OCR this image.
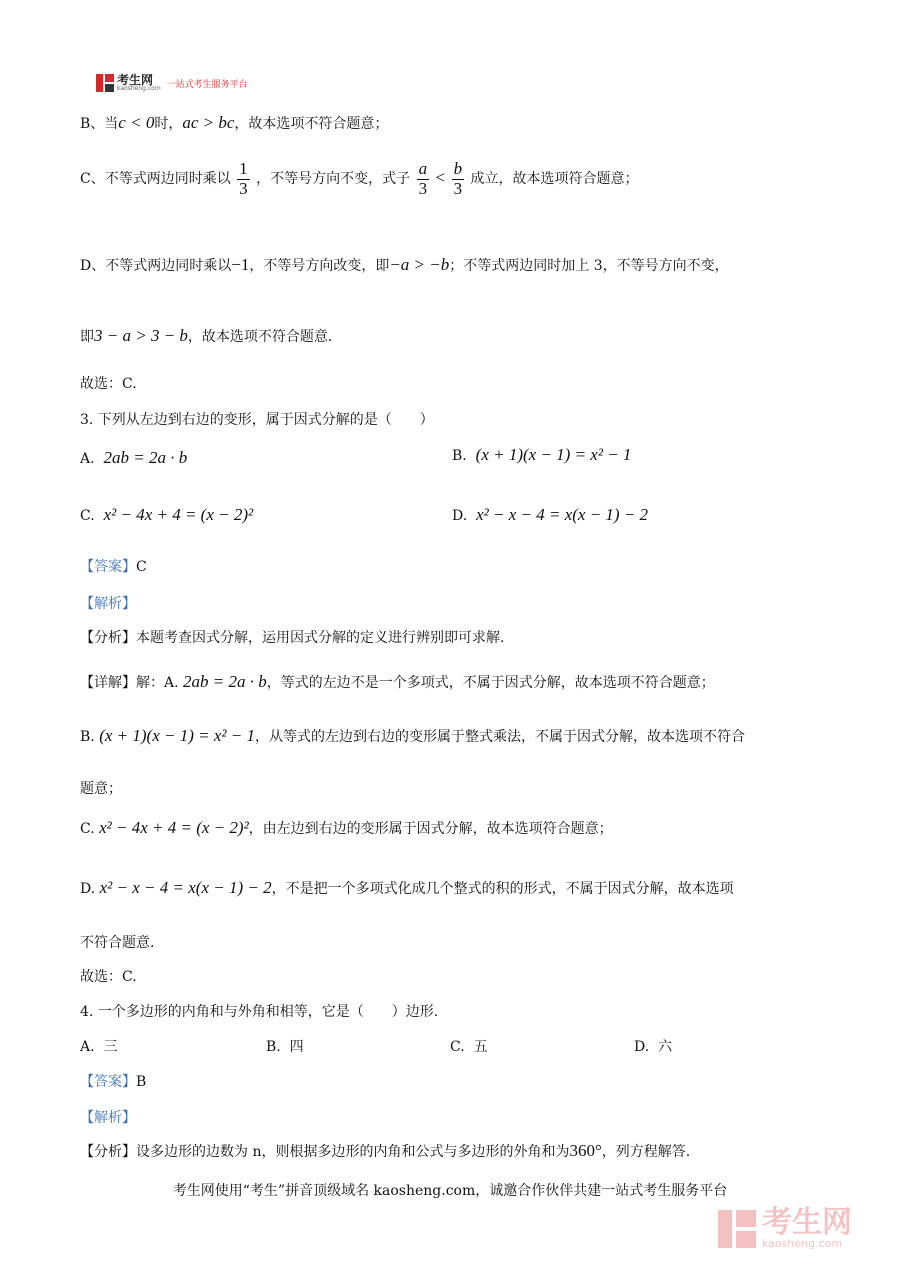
考生网
kaosheng.com 一站式考生服务平台
B、当c < 0时，ac > bc，故本选项不符合题意；
C、不等式两边同时乘以 $\frac{1}{3}$ ，不等号方向不变，式子 $\frac{a}{3} < \frac{b}{3}$ 成立，故本选项符合题意；
D、不等式两边同时乘以−1，不等号方向改变，即−a > −b；不等式两边同时加上 3，不等号方向不变，
即3 − a > 3 − b，故本选项不符合题意.
故选：C.
3. 下列从左边到右边的变形，属于因式分解的是（　　）
A. 2ab = 2a · b	B. (x + 1)(x − 1) = x² − 1
C. x² − 4x + 4 = (x − 2)²	D. x² − x − 4 = x(x − 1) − 2
【答案】C
【解析】
【分析】本题考查因式分解，运用因式分解的定义进行辨别即可求解.
【详解】解：A. 2ab = 2a · b，等式的左边不是一个多项式，不属于因式分解，故本选项不符合题意；
B. (x + 1)(x − 1) = x² − 1，从等式的左边到右边的变形属于整式乘法，不属于因式分解，故本选项不符合
题意；
C. x² − 4x + 4 = (x − 2)²，由左边到右边的变形属于因式分解，故本选项符合题意；
D. x² − x − 4 = x(x − 1) − 2，不是把一个多项式化成几个整式的积的形式，不属于因式分解，故本选项
不符合题意.
故选：C.
4. 一个多边形的内角和与外角和相等，它是（　　）边形.
A. 三	B. 四	C. 五	D. 六
【答案】B
【解析】
【分析】设多边形的边数为 n，则根据多边形的内角和公式与多边形的外角和为360°，列方程解答.
考生网使用“考生”拼音顶级域名 kaosheng.com，诚邀合作伙伴共建一站式考生服务平台
考生网
kaosheng.com
